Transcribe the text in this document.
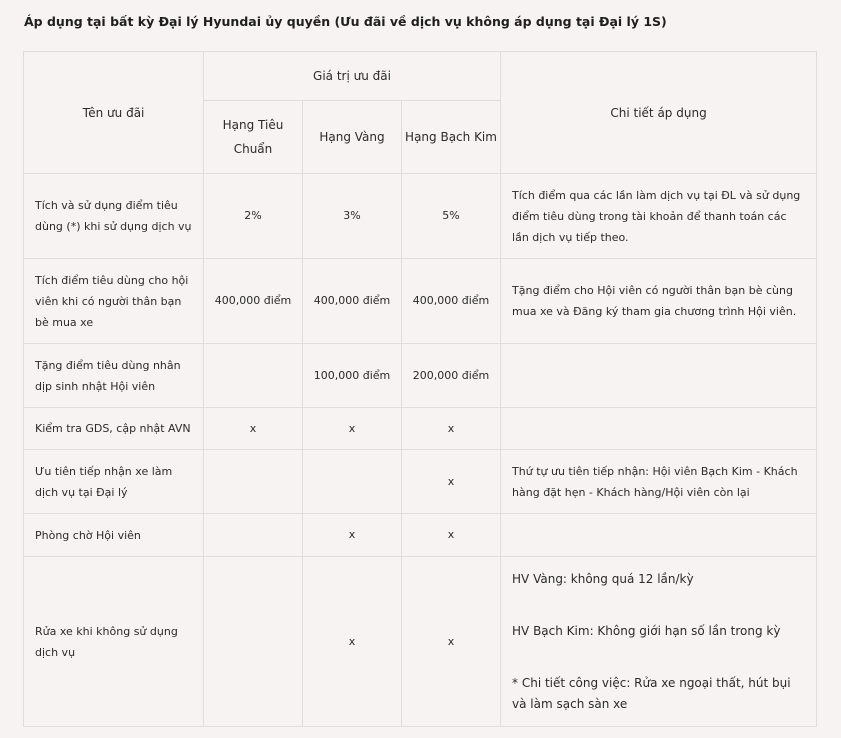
Áp dụng tại bất kỳ Đại lý Hyundai ủy quyền (Ưu đãi về dịch vụ không áp dụng tại Đại lý 1S)
Tên ưu đãi	Giá trị ưu đãi			Chi tiết áp dụng
	Hạng Tiêu Chuẩn	Hạng Vàng	Hạng Bạch Kim	
Tích và sử dụng điểm tiêu dùng (*) khi sử dụng dịch vụ	2%	3%	5%	Tích điểm qua các lần làm dịch vụ tại ĐL và sử dụng điểm tiêu dùng trong tài khoản để thanh toán các lần dịch vụ tiếp theo.
Tích điểm tiêu dùng cho hội viên khi có người thân bạn bè mua xe	400,000 điểm	400,000 điểm	400,000 điểm	Tặng điểm cho Hội viên có người thân bạn bè cùng mua xe và Đăng ký tham gia chương trình Hội viên.
Tặng điểm tiêu dùng nhân dịp sinh nhật Hội viên		100,000 điểm	200,000 điểm	
Kiểm tra GDS, cập nhật AVN	x	x	x	
Ưu tiên tiếp nhận xe làm dịch vụ tại Đại lý			x	Thứ tự ưu tiên tiếp nhận: Hội viên Bạch Kim - Khách hàng đặt hẹn - Khách hàng/Hội viên còn lại
Phòng chờ Hội viên		x	x	
Rửa xe khi không sử dụng dịch vụ		x	x	HV Vàng: không quá 12 lần/kỳ

HV Bạch Kim: Không giới hạn số lần trong kỳ

* Chi tiết công việc: Rửa xe ngoại thất, hút bụi và làm sạch sàn xe
